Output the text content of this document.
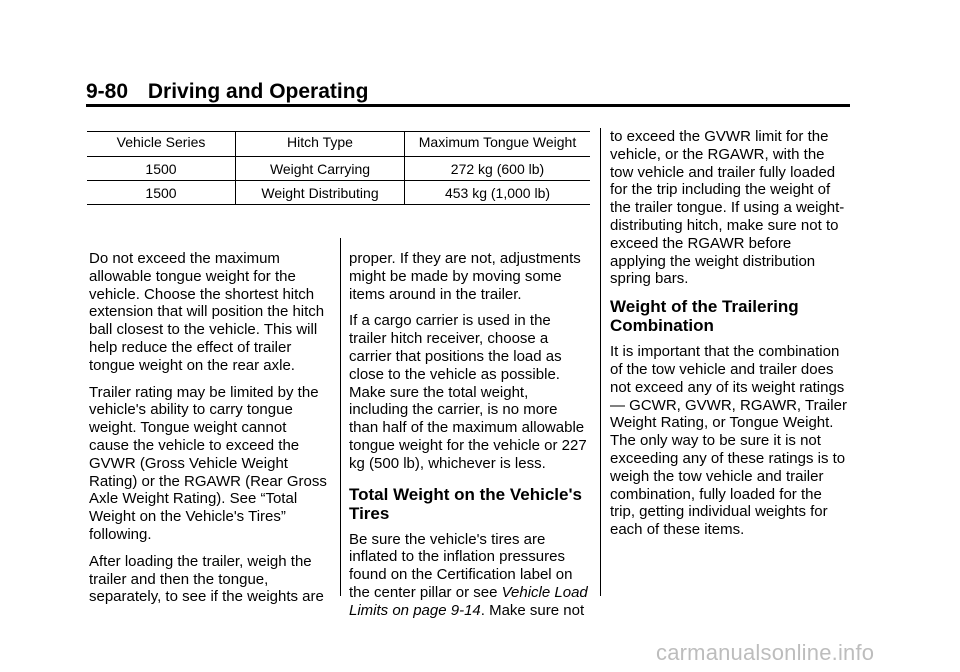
9-80 Driving and Operating
Vehicle Series	Hitch Type	Maximum Tongue Weight
1500	Weight Carrying	272 kg (600 lb)
1500	Weight Distributing	453 kg (1,000 lb)

Do not exceed the maximum allowable tongue weight for the vehicle. Choose the shortest hitch extension that will position the hitch ball closest to the vehicle. This will help reduce the effect of trailer tongue weight on the rear axle.

Trailer rating may be limited by the vehicle's ability to carry tongue weight. Tongue weight cannot cause the vehicle to exceed the GVWR (Gross Vehicle Weight Rating) or the RGAWR (Rear Gross Axle Weight Rating). See “Total Weight on the Vehicle's Tires” following.

After loading the trailer, weigh the trailer and then the tongue, separately, to see if the weights are

proper. If they are not, adjustments might be made by moving some items around in the trailer.

If a cargo carrier is used in the trailer hitch receiver, choose a carrier that positions the load as close to the vehicle as possible. Make sure the total weight, including the carrier, is no more than half of the maximum allowable tongue weight for the vehicle or 227 kg (500 lb), whichever is less.

Total Weight on the Vehicle's Tires

Be sure the vehicle's tires are inflated to the inflation pressures found on the Certification label on the center pillar or see Vehicle Load Limits on page 9-14. Make sure not

to exceed the GVWR limit for the vehicle, or the RGAWR, with the tow vehicle and trailer fully loaded for the trip including the weight of the trailer tongue. If using a weight-distributing hitch, make sure not to exceed the RGAWR before applying the weight distribution spring bars.

Weight of the Trailering Combination

It is important that the combination of the tow vehicle and trailer does not exceed any of its weight ratings — GCWR, GVWR, RGAWR, Trailer Weight Rating, or Tongue Weight. The only way to be sure it is not exceeding any of these ratings is to weigh the tow vehicle and trailer combination, fully loaded for the trip, getting individual weights for each of these items.

carmanualsonline.info
